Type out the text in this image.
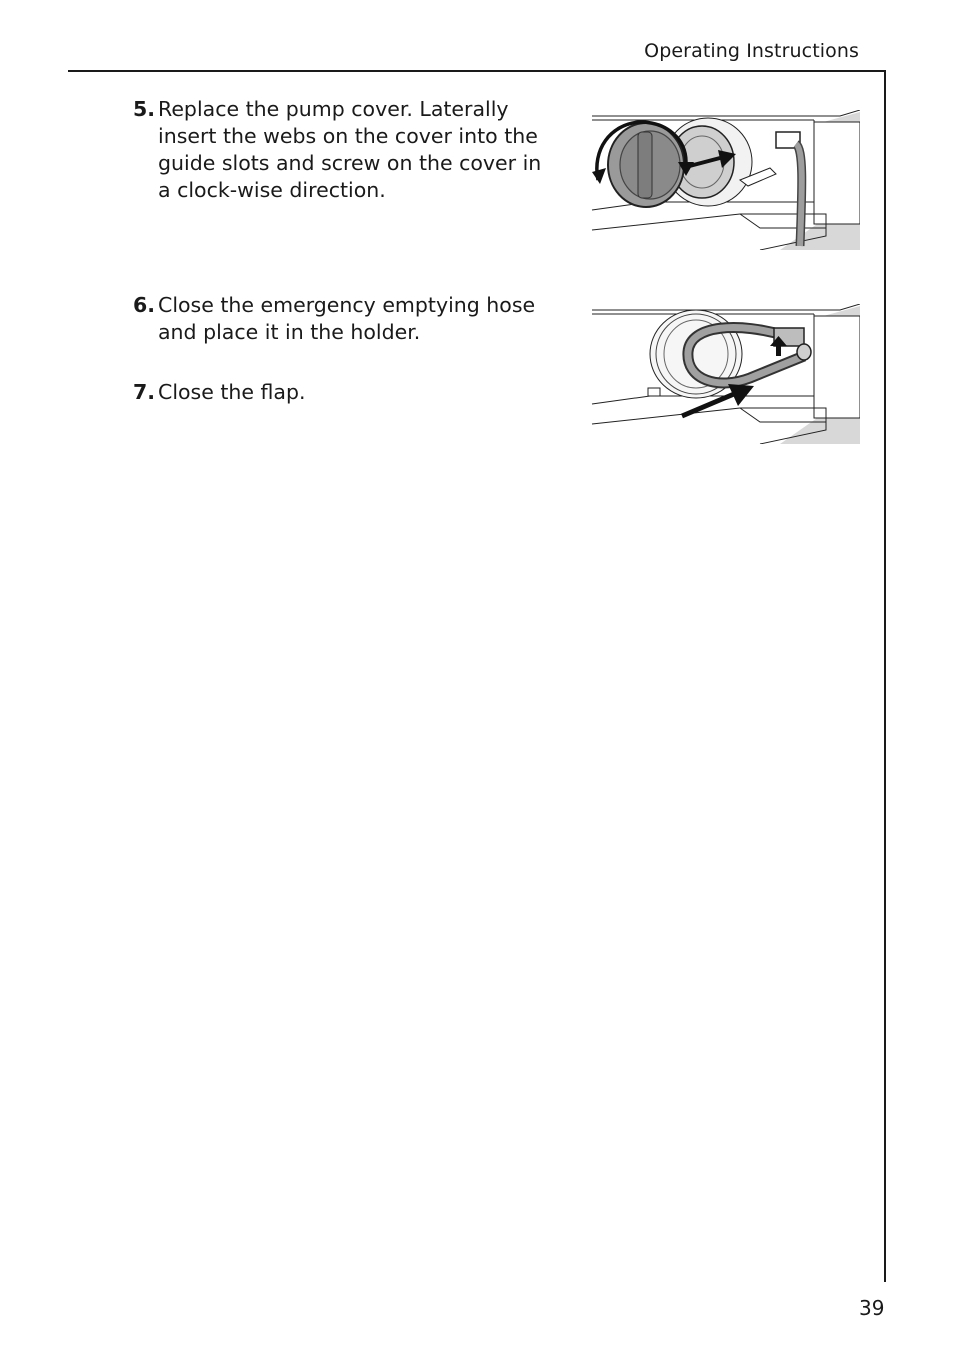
Operating Instructions
5. Replace the pump cover. Laterally insert the webs on the cover into the guide slots and screw on the cover in a clock-wise direction.
6. Close the emergency emptying hose and place it in the holder.
7. Close the flap.
39
